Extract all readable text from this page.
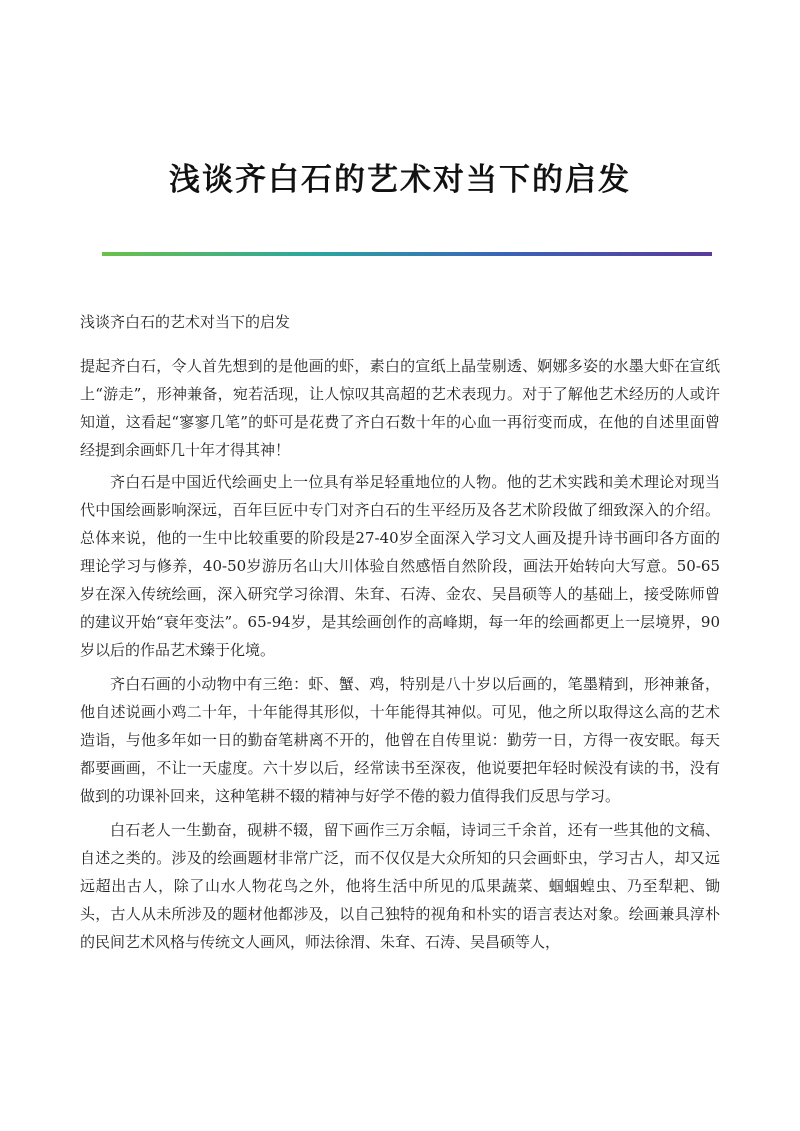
浅谈齐白石的艺术对当下的启发

浅谈齐白石的艺术对当下的启发

提起齐白石，令人首先想到的是他画的虾，素白的宣纸上晶莹剔透、婀娜多姿的水墨大虾在宣纸上“游走”，形神兼备，宛若活现，让人惊叹其高超的艺术表现力。对于了解他艺术经历的人或许知道，这看起“寥寥几笔”的虾可是花费了齐白石数十年的心血一再衍变而成，在他的自述里面曾经提到余画虾几十年才得其神！

齐白石是中国近代绘画史上一位具有举足轻重地位的人物。他的艺术实践和美术理论对现当代中国绘画影响深远，百年巨匠中专门对齐白石的生平经历及各艺术阶段做了细致深入的介绍。总体来说，他的一生中比较重要的阶段是27-40岁全面深入学习文人画及提升诗书画印各方面的理论学习与修养，40-50岁游历名山大川体验自然感悟自然阶段，画法开始转向大写意。50-65岁在深入传统绘画，深入研究学习徐渭、朱耷、石涛、金农、吴昌硕等人的基础上，接受陈师曾的建议开始“衰年变法”。65-94岁，是其绘画创作的高峰期，每一年的绘画都更上一层境界，90岁以后的作品艺术臻于化境。

齐白石画的小动物中有三绝：虾、蟹、鸡，特别是八十岁以后画的，笔墨精到，形神兼备，他自述说画小鸡二十年，十年能得其形似，十年能得其神似。可见，他之所以取得这么高的艺术造诣，与他多年如一日的勤奋笔耕离不开的，他曾在自传里说：勤劳一日，方得一夜安眠。每天都要画画，不让一天虚度。六十岁以后，经常读书至深夜，他说要把年轻时候没有读的书，没有做到的功课补回来，这种笔耕不辍的精神与好学不倦的毅力值得我们反思与学习。

白石老人一生勤奋，砚耕不辍，留下画作三万余幅，诗词三千余首，还有一些其他的文稿、自述之类的。涉及的绘画题材非常广泛，而不仅仅是大众所知的只会画虾虫，学习古人，却又远远超出古人，除了山水人物花鸟之外，他将生活中所见的瓜果蔬菜、蝈蝈蝗虫、乃至犁耙、锄头，古人从未所涉及的题材他都涉及，以自己独特的视角和朴实的语言表达对象。绘画兼具淳朴的民间艺术风格与传统文人画风，师法徐渭、朱耷、石涛、吴昌硕等人，
